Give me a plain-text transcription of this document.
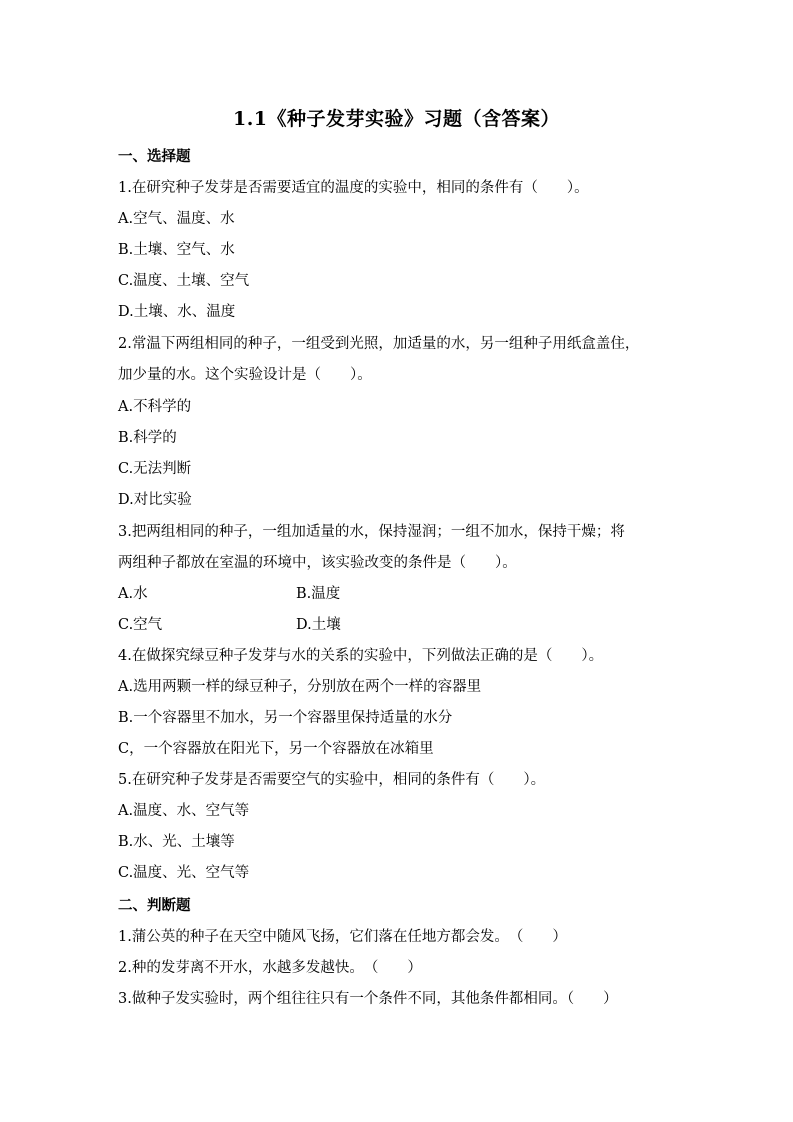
1.1《种子发芽实验》习题（含答案）
一、选择题
1.在研究种子发芽是否需要适宜的温度的实验中，相同的条件有（　　）。
A.空气、温度、水
B.土壤、空气、水
C.温度、土壤、空气
D.土壤、水、温度
2.常温下两组相同的种子，一组受到光照，加适量的水，另一组种子用纸盒盖住，
加少量的水。这个实验设计是（　　）。
A.不科学的
B.科学的
C.无法判断
D.对比实验
3.把两组相同的种子，一组加适量的水，保持湿润；一组不加水，保持干燥；将
两组种子都放在室温的环境中，该实验改变的条件是（　　）。
A.水	B.温度
C.空气	D.土壤
4.在做探究绿豆种子发芽与水的关系的实验中，下列做法正确的是（　　）。
A.选用两颗一样的绿豆种子，分别放在两个一样的容器里
B.一个容器里不加水，另一个容器里保持适量的水分
C，一个容器放在阳光下，另一个容器放在冰箱里
5.在研究种子发芽是否需要空气的实验中，相同的条件有（　　）。
A.温度、水、空气等
B.水、光、土壤等
C.温度、光、空气等
二、判断题
1.蒲公英的种子在天空中随风飞扬，它们落在任地方都会发。　（　　）
2.种的发芽离不开水，水越多发越快。　（　　）
3.做种子发实验时，两个组往往只有一个条件不同，其他条件都相同。（　　）
